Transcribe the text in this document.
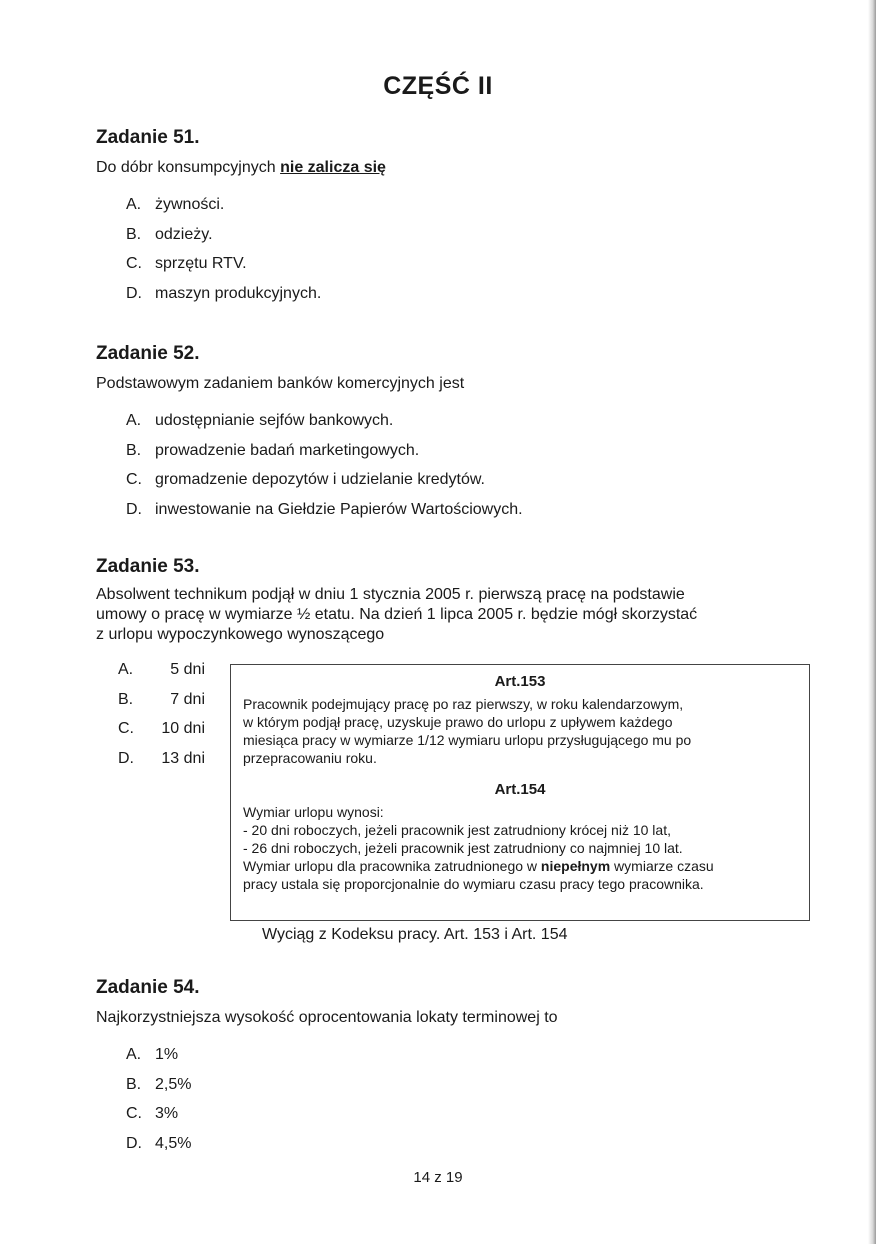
CZĘŚĆ II
Zadanie 51.
Do dóbr konsumpcyjnych nie zalicza się
A. żywności.
B. odzieży.
C. sprzętu RTV.
D. maszyn produkcyjnych.
Zadanie 52.
Podstawowym zadaniem banków komercyjnych jest
A. udostępnianie sejfów bankowych.
B. prowadzenie badań marketingowych.
C. gromadzenie depozytów i udzielanie kredytów.
D. inwestowanie na Giełdzie Papierów Wartościowych.
Zadanie 53.
Absolwent technikum podjął w dniu 1 stycznia 2005 r. pierwszą pracę na podstawie
umowy o pracę w wymiarze ½ etatu. Na dzień 1 lipca 2005 r. będzie mógł skorzystać
z urlopu wypoczynkowego wynoszącego
A.	5 dni
B.	7 dni
C.	10 dni
D.	13 dni
Art.153
Pracownik podejmujący pracę po raz pierwszy, w roku kalendarzowym,
w którym podjął pracę, uzyskuje prawo do urlopu z upływem każdego
miesiąca pracy w wymiarze 1/12 wymiaru urlopu przysługującego mu po
przepracowaniu roku.
Art.154
Wymiar urlopu wynosi:
- 20 dni roboczych, jeżeli pracownik jest zatrudniony krócej niż 10 lat,
- 26 dni roboczych, jeżeli pracownik jest zatrudniony co najmniej 10 lat.
Wymiar urlopu dla pracownika zatrudnionego w niepełnym wymiarze czasu
pracy ustala się proporcjonalnie do wymiaru czasu pracy tego pracownika.
Wyciąg z Kodeksu pracy. Art. 153 i Art. 154
Zadanie 54.
Najkorzystniejsza wysokość oprocentowania lokaty terminowej to
A. 1%
B. 2,5%
C. 3%
D. 4,5%
14 z 19
